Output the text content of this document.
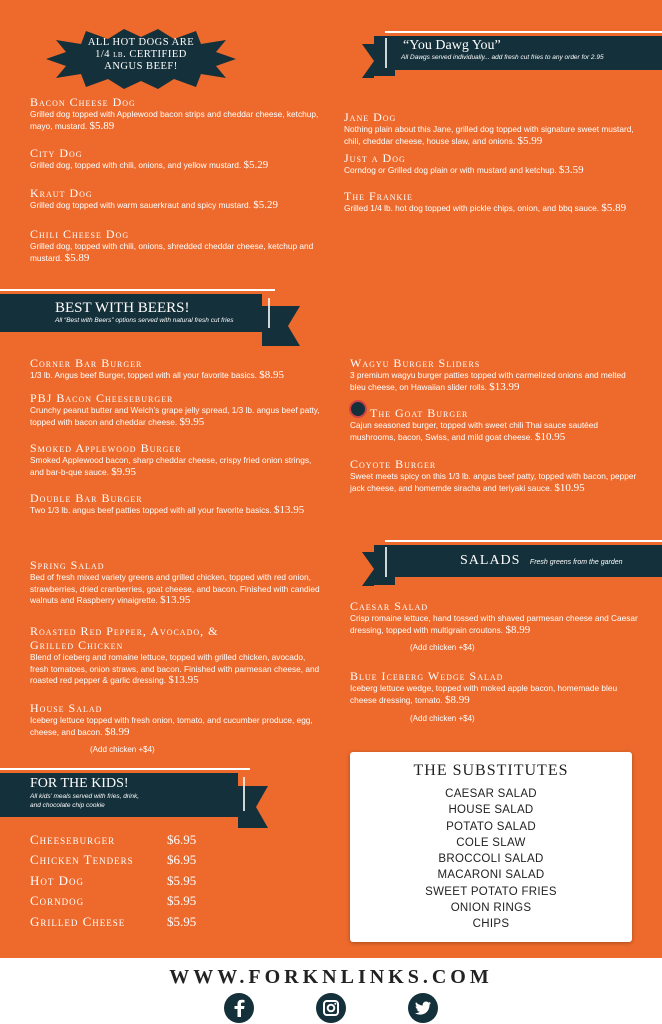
ALL HOT DOGS ARE
1/4 lb. CERTIFIED
ANGUS BEEF!
Bacon Cheese Dog
Grilled dog topped with Applewood bacon strips and cheddar cheese, ketchup, mayo, mustard. $5.89
City Dog
Grilled dog, topped with chili, onions, and yellow mustard. $5.29
Kraut Dog
Grilled dog topped with warm sauerkraut and spicy mustard. $5.29
Chili Cheese Dog
Grilled dog, topped with chili, onions, shredded cheddar cheese, ketchup and mustard. $5.89
“You Dawg You”
All Dawgs served individually... add fresh cut fries to any order for 2.95
Jane Dog
Nothing plain about this Jane, grilled dog topped with signature sweet mustard, chili, cheddar cheese, house slaw, and onions. $5.99
Just a Dog
Corndog or Grilled dog plain or with mustard and ketchup. $3.59
The Frankie
Grilled 1/4 lb. hot dog topped with pickle chips, onion, and bbq sauce. $5.89
BEST WITH BEERS!
All “Best with Beers” options served with natural fresh cut fries
Corner Bar Burger
1/3 lb. Angus beef Burger, topped with all your favorite basics. $8.95
PBJ Bacon Cheeseburger
Crunchy peanut butter and Welch’s grape jelly spread, 1/3 lb. angus beef patty, topped with bacon and cheddar cheese. $9.95
Smoked Applewood Burger
Smoked Applewood bacon, sharp cheddar cheese, crispy fried onion strings, and bar-b-que sauce. $9.95
Double Bar Burger
Two 1/3 lb. angus beef patties topped with all your favorite basics. $13.95
Wagyu Burger Sliders
3 premium wagyu burger patties topped with carmelized onions and melted bleu cheese, on Hawaiian slider rolls. $13.99
The Goat Burger
Cajun seasoned burger, topped with sweet chili Thai sauce sautéed mushrooms, bacon, Swiss, and mild goat cheese. $10.95
Coyote Burger
Sweet meets spicy on this 1/3 lb. angus beef patty, topped with bacon, pepper jack cheese, and homemde siracha and teriyaki sauce. $10.95
Spring Salad
Bed of fresh mixed variety greens and grilled chicken, topped with red onion, strawberries, dried cranberries, goat cheese, and bacon. Finished with candied walnuts and Raspberry vinaigrette. $13.95
Roasted Red Pepper, Avocado, & Grilled Chicken
Blend of iceberg and romaine lettuce, topped with grilled chicken, avocado, fresh tomatoes, onion straws, and bacon. Finished with parmesan cheese, and roasted red pepper & garlic dressing. $13.95
House Salad
Iceberg lettuce topped with fresh onion, tomato, and cucumber produce, egg, cheese, and bacon. $8.99
(Add chicken +$4)
SALADS Fresh greens from the garden
Caesar Salad
Crisp romaine lettuce, hand tossed with shaved parmesan cheese and Caesar dressing, topped with multigrain croutons. $8.99
(Add chicken +$4)
Blue Iceberg Wedge Salad
Iceberg lettuce wedge, topped with moked apple bacon, homemade bleu cheese dressing, tomato. $8.99
(Add chicken +$4)
FOR THE KIDS!
All kids’ meals served with fries, drink,
and chocolate chip cookie
Cheeseburger	$6.95
Chicken Tenders	$6.95
Hot Dog	$5.95
Corndog	$5.95
Grilled Cheese	$5.95
THE SUBSTITUTES
CAESAR SALAD
HOUSE SALAD
POTATO SALAD
COLE SLAW
BROCCOLI SALAD
MACARONI SALAD
SWEET POTATO FRIES
ONION RINGS
CHIPS
WWW.FORKNLINKS.COM
